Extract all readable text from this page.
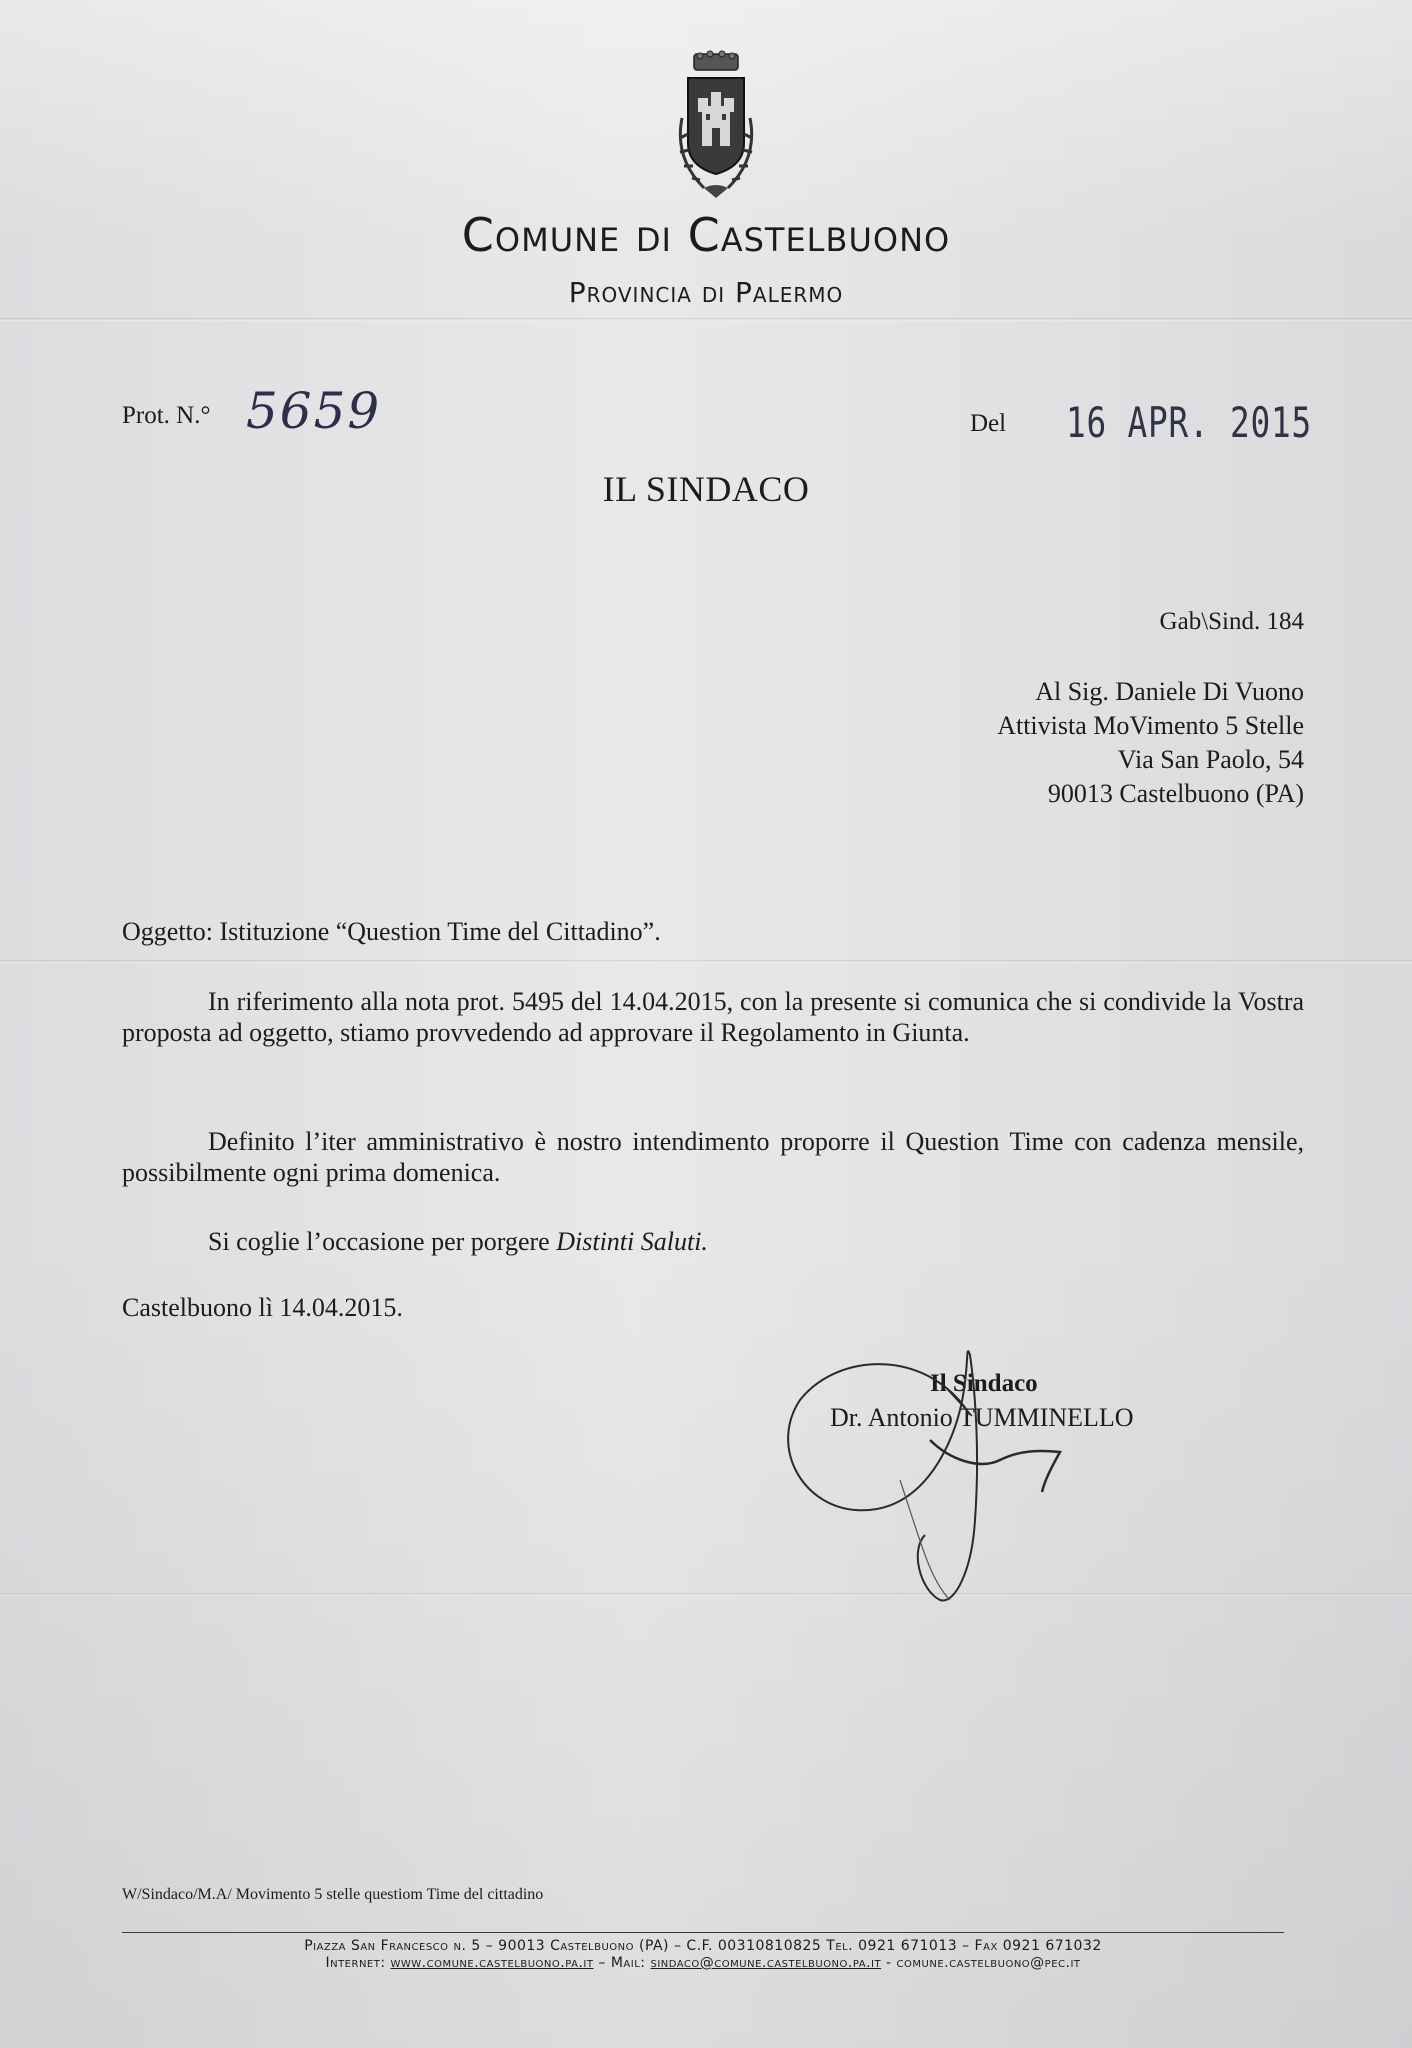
Comune di Castelbuono
Provincia di Palermo
Prot. N.° 5659	Del 16 APR. 2015
IL SINDACO
Gab\Sind. 184
Al Sig. Daniele Di Vuono
Attivista MoVimento 5 Stelle
Via San Paolo, 54
90013 Castelbuono (PA)
Oggetto: Istituzione “Question Time del Cittadino”.
In riferimento alla nota prot. 5495 del 14.04.2015, con la presente si comunica che si condivide la Vostra proposta ad oggetto, stiamo provvedendo ad approvare il Regolamento in Giunta.
Definito l’iter amministrativo è nostro intendimento proporre il Question Time con cadenza mensile, possibilmente ogni prima domenica.
Si coglie l’occasione per porgere Distinti Saluti.
Castelbuono lì 14.04.2015.
Il Sindaco
Dr. Antonio TUMMINELLO
W/Sindaco/M.A/ Movimento 5 stelle questiom Time del cittadino
Piazza San Francesco n. 5 – 90013 Castelbuono (PA) – C.F. 00310810825 Tel. 0921 671013 – Fax 0921 671032
Internet: www.comune.castelbuono.pa.it – Mail: sindaco@comune.castelbuono.pa.it - comune.castelbuono@pec.it
